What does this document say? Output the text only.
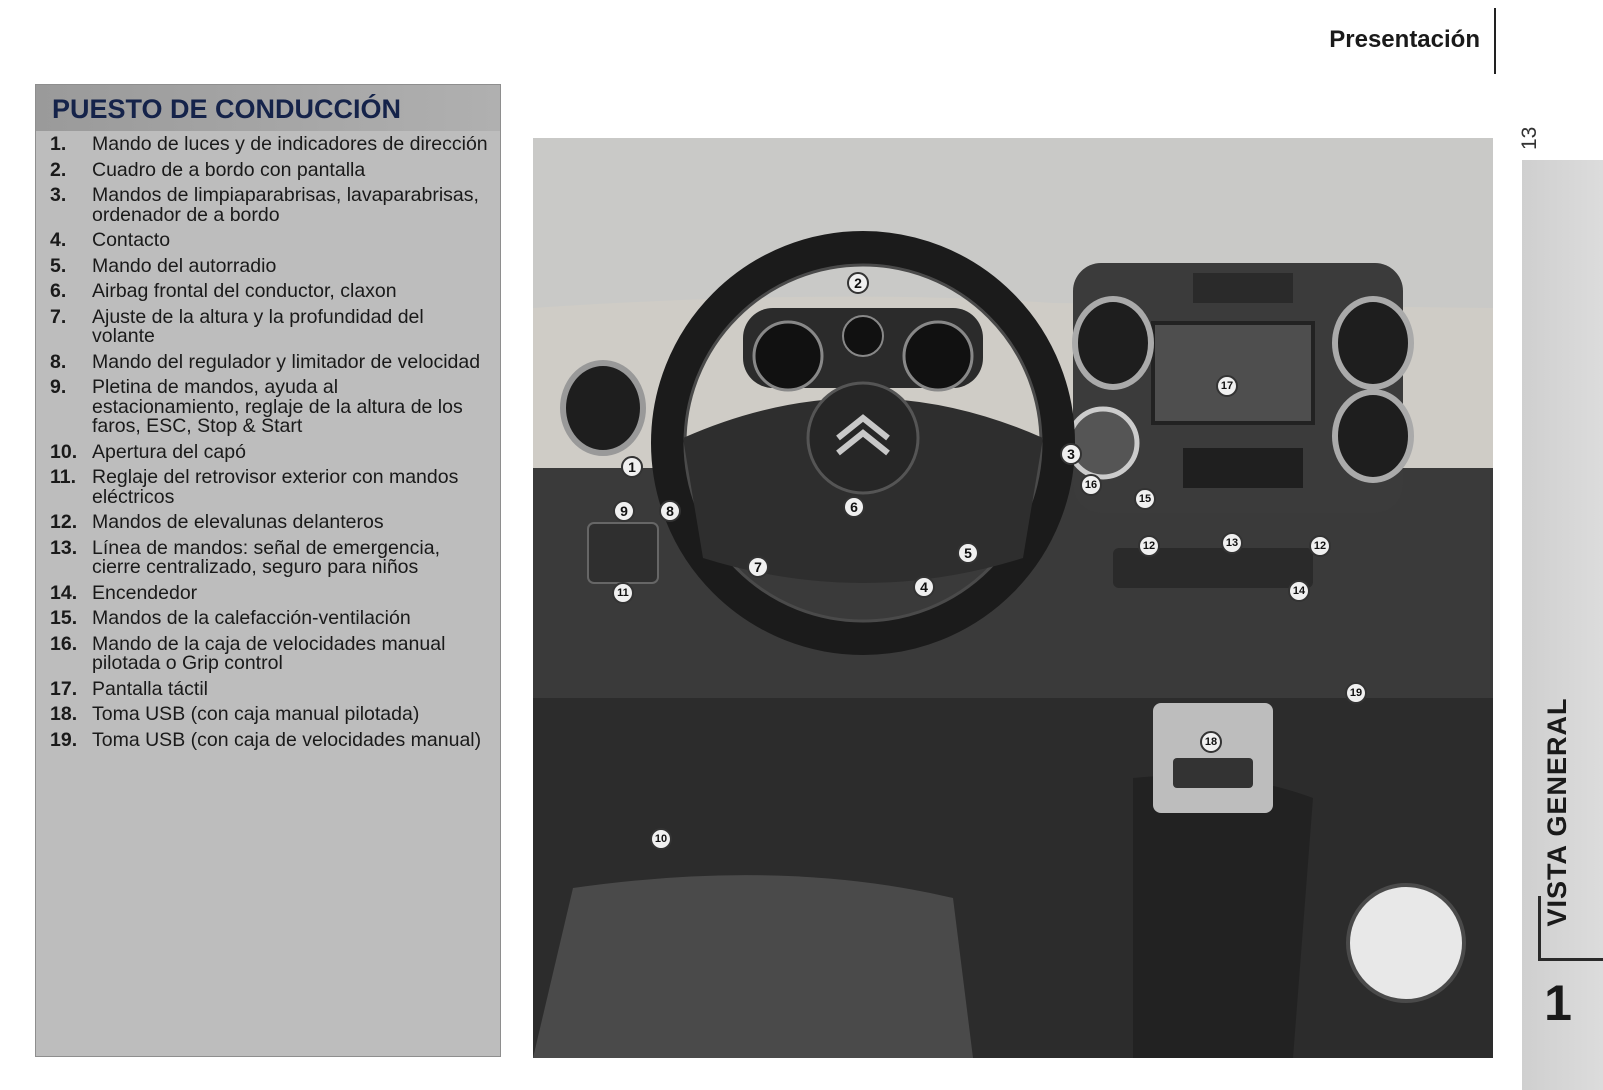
Presentación
13
VISTA GENERAL
1
PUESTO DE CONDUCCIÓN
1.	Mando de luces y de indicadores de dirección
2.	Cuadro de a bordo con pantalla
3.	Mandos de limpiaparabrisas, lavaparabrisas, ordenador de a bordo
4.	Contacto
5.	Mando del autorradio
6.	Airbag frontal del conductor, claxon
7.	Ajuste de la altura y la profundidad del volante
8.	Mando del regulador y limitador de velocidad
9.	Pletina de mandos, ayuda al estacionamiento, reglaje de la altura de los faros, ESC, Stop & Start
10. Apertura del capó
11. Reglaje del retrovisor exterior con mandos eléctricos
12. Mandos de elevalunas delanteros
13. Línea de mandos: señal de emergencia, cierre centralizado, seguro para niños
14. Encendedor
15. Mandos de la calefacción-ventilación
16. Mando de la caja de velocidades manual pilotada o Grip control
17. Pantalla táctil
18. Toma USB (con caja manual pilotada)
19. Toma USB (con caja de velocidades manual)
1
2
3
4
5
6
7
8
9
10
11
12	12
13
14
15
16
17
18
19
